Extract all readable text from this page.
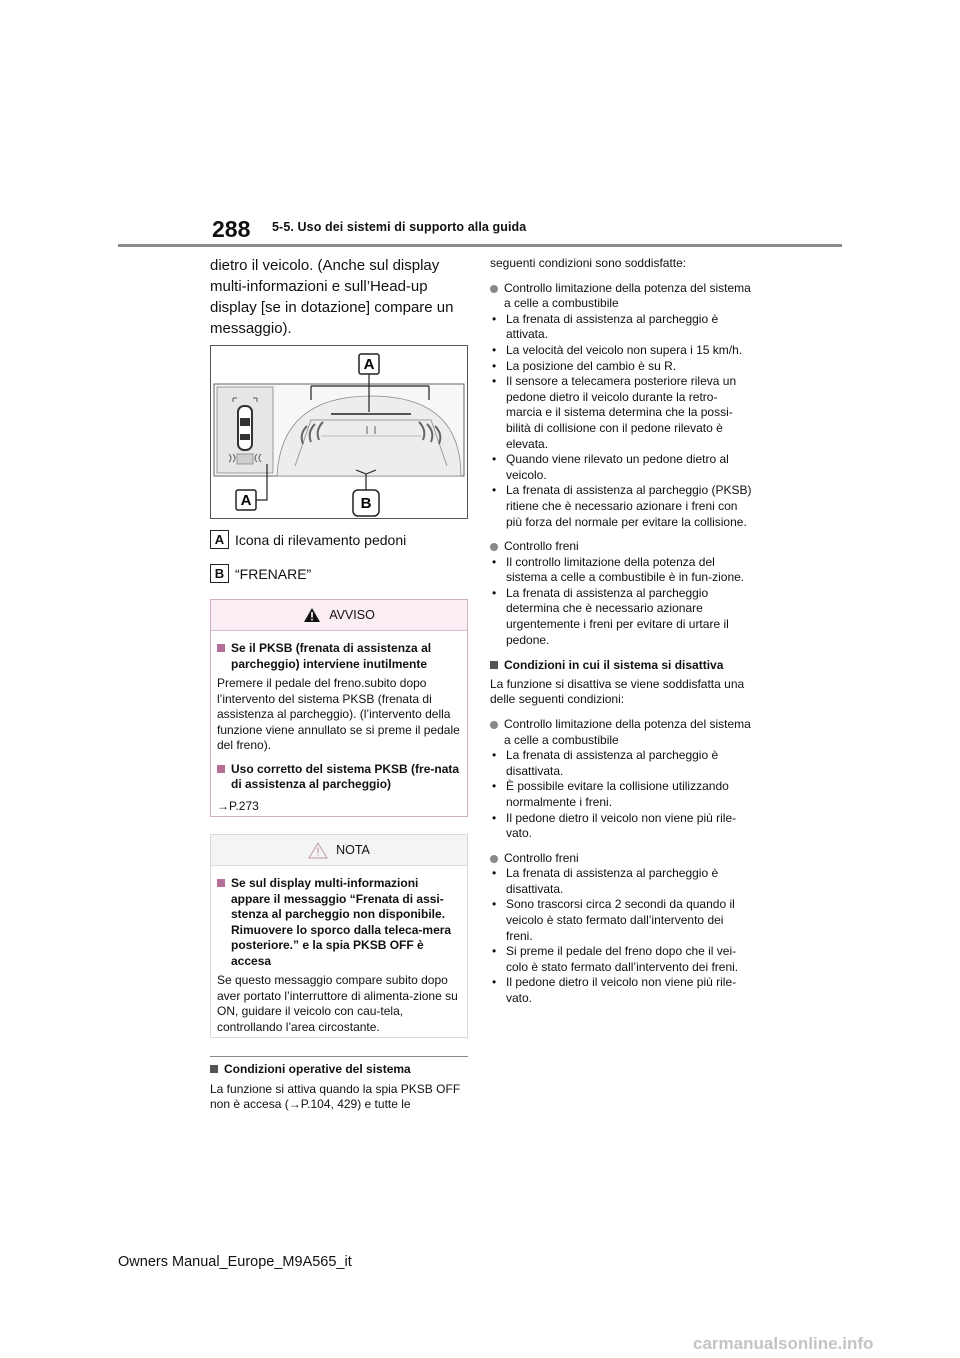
288 5-5. Uso dei sistemi di supporto alla guida
dietro il veicolo. (Anche sul display multi-informazioni e sull’Head-up display [se in dotazione] compare un messaggio).
A
A	B
A Icona di rilevamento pedoni
B “FRENARE”
AVVISO
Se il PKSB (frenata di assistenza al parcheggio) interviene inutilmente

Premere il pedale del freno.subito dopo l’intervento del sistema PKSB (frenata di assistenza al parcheggio). (l’intervento della funzione viene annullato se si preme il pedale del freno).

Uso corretto del sistema PKSB (fre-nata di assistenza al parcheggio)
→P.273
NOTA
Se sul display multi-informazioni appare il messaggio “Frenata di assi-stenza al parcheggio non disponibile. Rimuovere lo sporco dalla teleca-mera posteriore.” e la spia PKSB OFF è accesa

Se questo messaggio compare subito dopo aver portato l’interruttore di alimenta-zione su ON, guidare il veicolo con cau-tela, controllando l’area circostante.

Condizioni operative del sistema

La funzione si attiva quando la spia PKSB OFF non è accesa (→P.104, 429) e tutte le

seguenti condizioni sono soddisfatte:
Controllo limitazione della potenza del sistema a celle a combustibile
• La frenata di assistenza al parcheggio è attivata.
• La velocità del veicolo non supera i 15 km/h.
• La posizione del cambio è su R.
• Il sensore a telecamera posteriore rileva un pedone dietro il veicolo durante la retro-marcia e il sistema determina che la possi-bilità di collisione con il pedone rilevato è elevata.
• Quando viene rilevato un pedone dietro al veicolo.
• La frenata di assistenza al parcheggio (PKSB) ritiene che è necessario azionare i freni con più forza del normale per evitare la collisione.
Controllo freni
• Il controllo limitazione della potenza del sistema a celle a combustibile è in fun-zione.
• La frenata di assistenza al parcheggio determina che è necessario azionare urgentemente i freni per evitare di urtare il pedone.
Condizioni in cui il sistema si disattiva
La funzione si disattiva se viene soddisfatta una delle seguenti condizioni:
Controllo limitazione della potenza del sistema a celle a combustibile
• La frenata di assistenza al parcheggio è disattivata.
• È possibile evitare la collisione utilizzando normalmente i freni.
• Il pedone dietro il veicolo non viene più rile-vato.
Controllo freni
• La frenata di assistenza al parcheggio è disattivata.
• Sono trascorsi circa 2 secondi da quando il veicolo è stato fermato dall’intervento dei freni.
• Si preme il pedale del freno dopo che il vei-colo è stato fermato dall’intervento dei freni.
• Il pedone dietro il veicolo non viene più rile-vato.
Owners Manual_Europe_M9A565_it
carmanualsonline.info
